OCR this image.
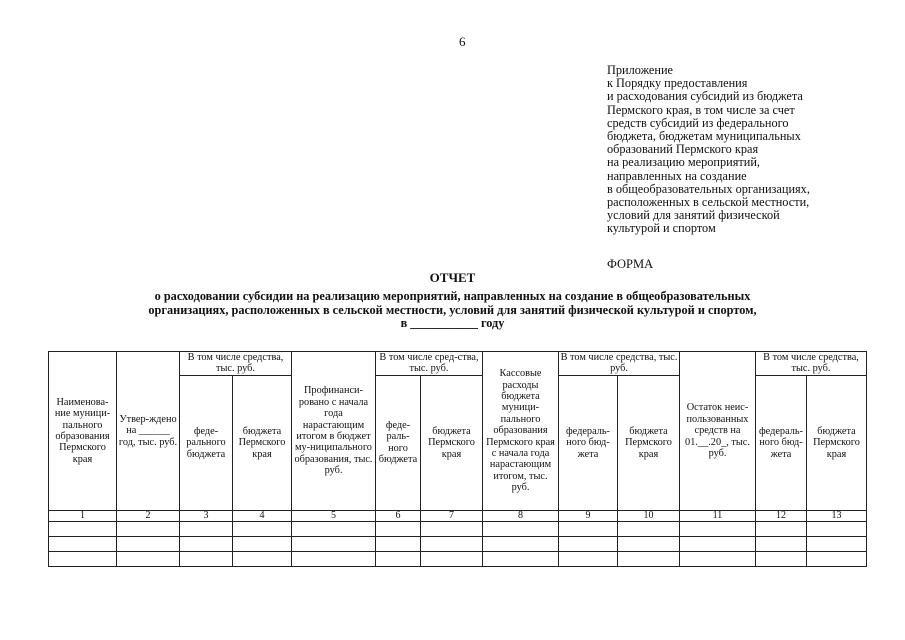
6
Приложение
к Порядку предоставления
и расходования субсидий из бюджета
Пермского края, в том числе за счет
средств субсидий из федерального
бюджета, бюджетам муниципальных
образований Пермского края
на реализацию мероприятий,
направленных на создание
в общеобразовательных организациях,
расположенных в сельской местности,
условий для занятий физической
культурой и спортом
ФОРМА
ОТЧЕТ
о расходовании субсидии на реализацию мероприятий, направленных на создание в общеобразовательных
организациях, расположенных в сельской местности, условий для занятий физической культурой и спортом,
в ___________ году
Наименова-ние муници-пального образования Пермского края	Утвер-ждено на ______ год, тыс. руб.	В том числе средства, тыс. руб.		Профинанси-ровано с начала года нарастающим итогом в бюджет му-ниципального образования, тыс. руб.	В том числе сред-ства, тыс. руб.		Кассовые расходы бюджета муници-пального образования Пермского края с начала года нарастающим итогом, тыс. руб.	В том числе средства, тыс. руб.		Остаток неис-пользованных средств на 01.__.20_, тыс. руб.	В том числе средства, тыс. руб.	
		феде-рального бюджета	бюджета Пермского края		феде-раль-ного бюджета	бюджета Пермского края		федераль-ного бюд-жета	бюджета Пермского края		федераль-ного бюд-жета	бюджета Пермского края
1	2	3	4	5	6	7	8	9	10	11	12	13
